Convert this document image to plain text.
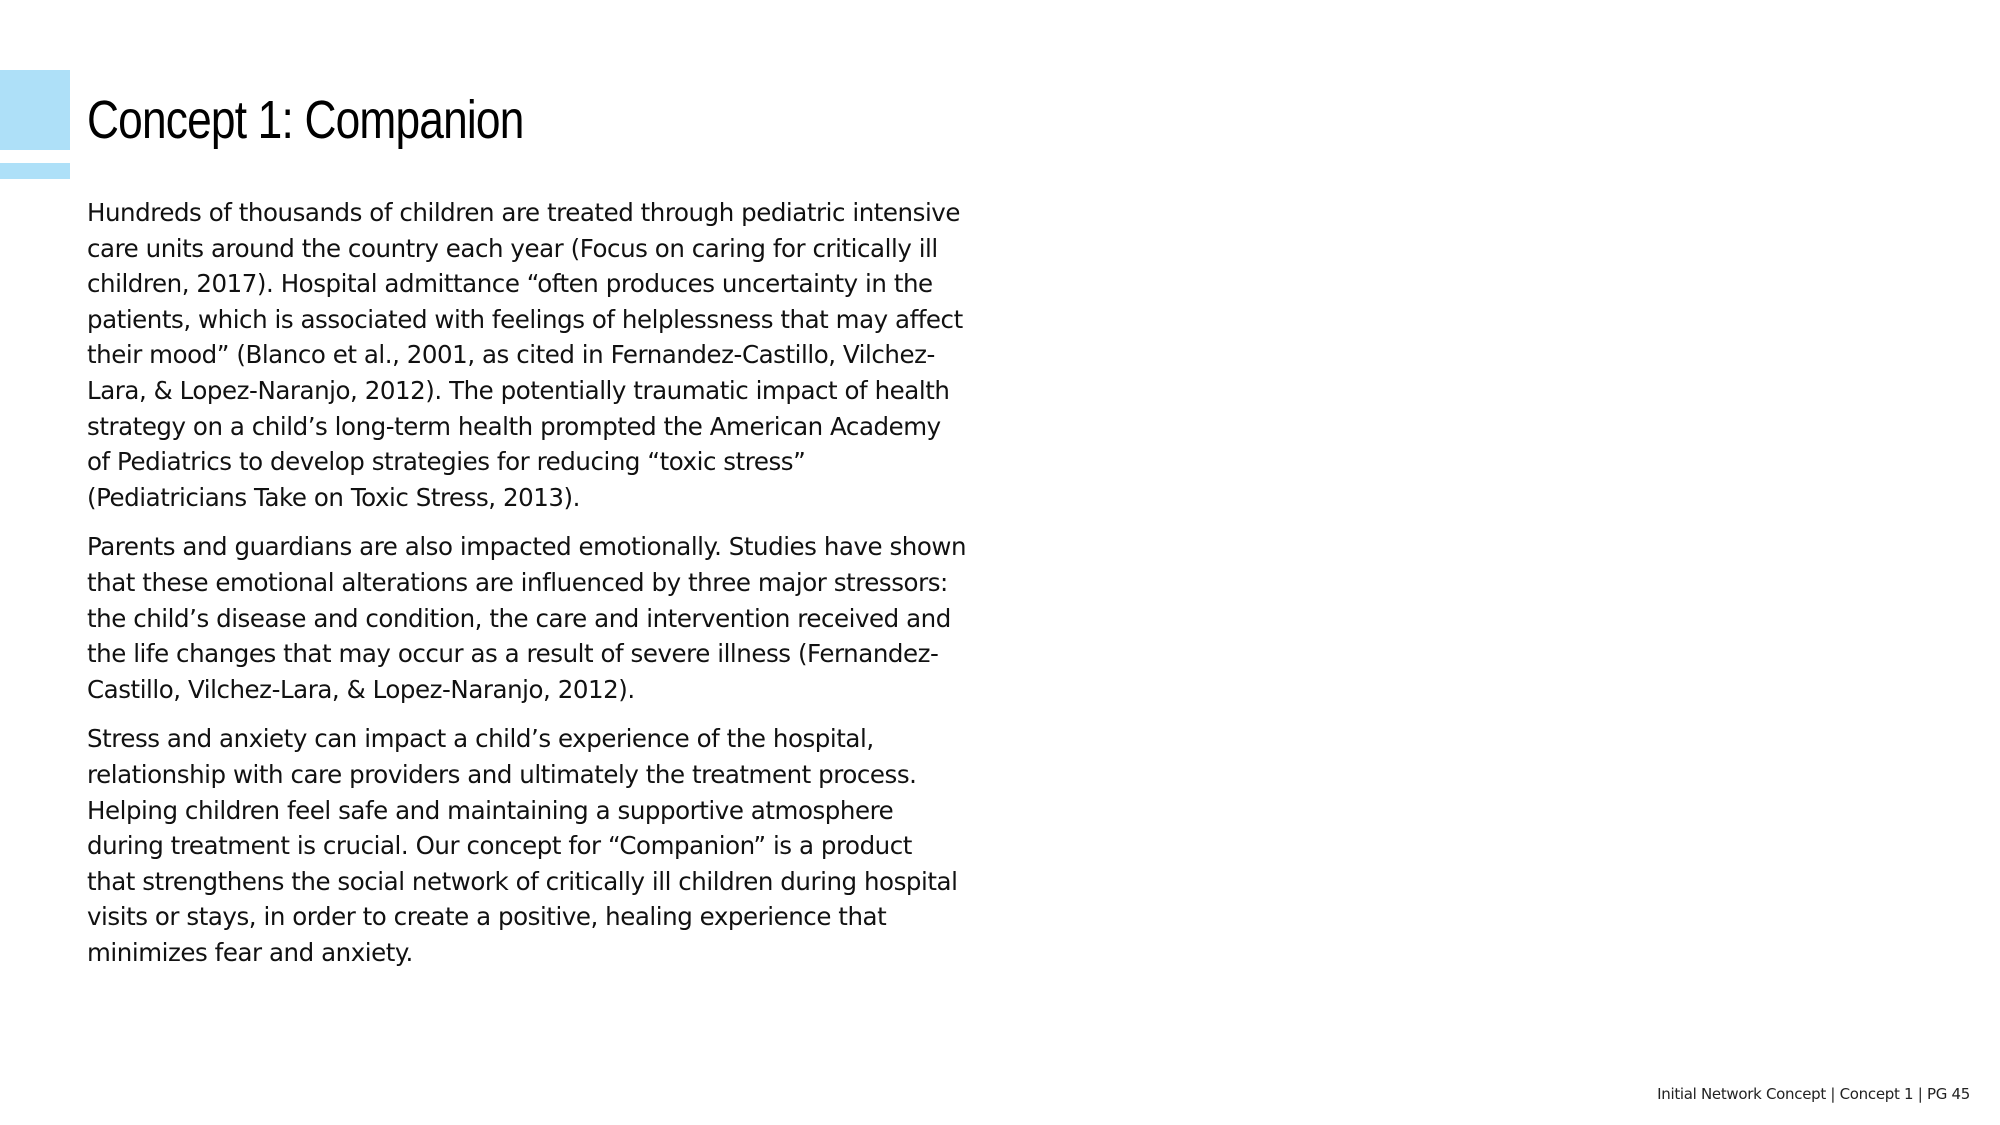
Concept 1: Companion

Hundreds of thousands of children are treated through pediatric intensive care units around the country each year (Focus on caring for critically ill children, 2017). Hospital admittance “often produces uncertainty in the patients, which is associated with feelings of helplessness that may affect their mood” (Blanco et al., 2001, as cited in Fernandez-Castillo, Vilchez-Lara, & Lopez-Naranjo, 2012). The potentially traumatic impact of health strategy on a child’s long-term health prompted the American Academy of Pediatrics to develop strategies for reducing “toxic stress” (Pediatricians Take on Toxic Stress, 2013).

Parents and guardians are also impacted emotionally. Studies have shown that these emotional alterations are influenced by three major stressors: the child’s disease and condition, the care and intervention received and the life changes that may occur as a result of severe illness (Fernandez-Castillo, Vilchez-Lara, & Lopez-Naranjo, 2012).

Stress and anxiety can impact a child’s experience of the hospital, relationship with care providers and ultimately the treatment process. Helping children feel safe and maintaining a supportive atmosphere during treatment is crucial. Our concept for “Companion” is a product that strengthens the social network of critically ill children during hospital visits or stays, in order to create a positive, healing experience that minimizes fear and anxiety.

Initial Network Concept | Concept 1 | PG 45
